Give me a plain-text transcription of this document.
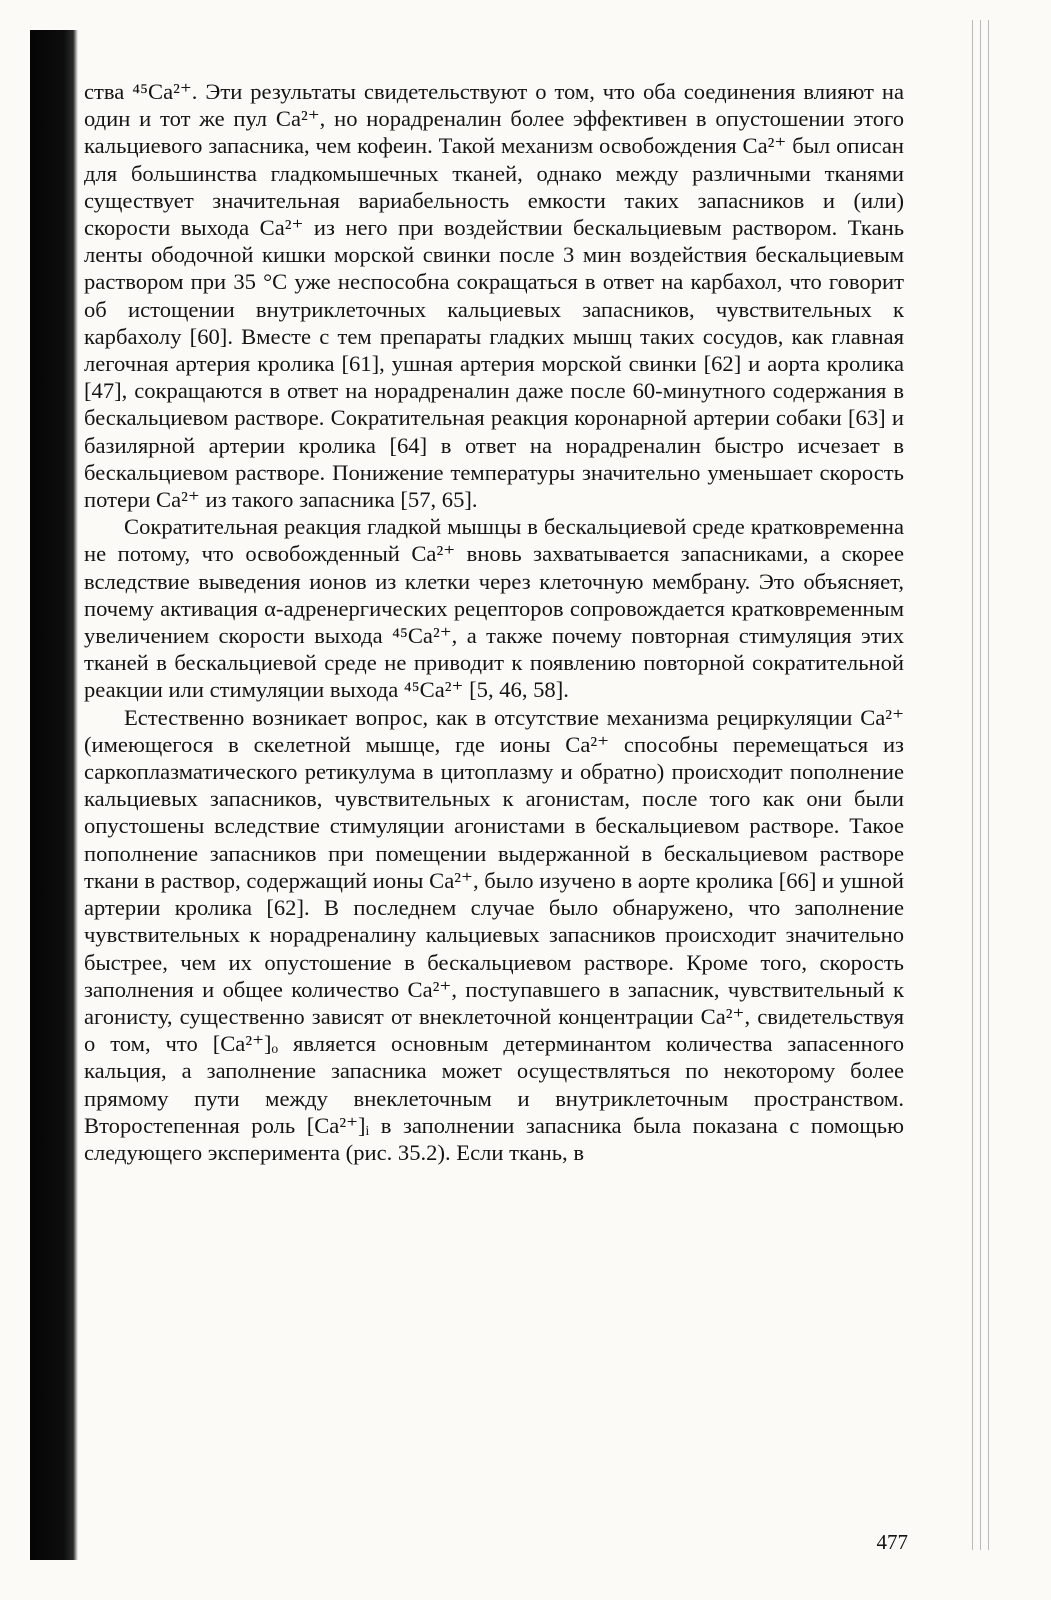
ства ⁴⁵Ca²⁺. Эти результаты свидетельствуют о том, что оба соединения влияют на один и тот же пул Ca²⁺, но норадреналин более эффективен в опустошении этого кальциевого запасника, чем кофеин. Такой механизм освобождения Ca²⁺ был описан для большинства гладкомышечных тканей, однако между различными тканями существует значительная вариабельность емкости таких запасников и (или) скорости выхода Ca²⁺ из него при воздействии бескальциевым раствором. Ткань ленты ободочной кишки морской свинки после 3 мин воздействия бескальциевым раствором при 35 °С уже неспособна сокращаться в ответ на карбахол, что говорит об истощении внутриклеточных кальциевых запасников, чувствительных к карбахолу [60]. Вместе с тем препараты гладких мышц таких сосудов, как главная легочная артерия кролика [61], ушная артерия морской свинки [62] и аорта кролика [47], сокращаются в ответ на норадреналин даже после 60-минутного содержания в бескальциевом растворе. Сократительная реакция коронарной артерии собаки [63] и базилярной артерии кролика [64] в ответ на норадреналин быстро исчезает в бескальциевом растворе. Понижение температуры значительно уменьшает скорость потери Ca²⁺ из такого запасника [57, 65].

Сократительная реакция гладкой мышцы в бескальциевой среде кратковременна не потому, что освобожденный Ca²⁺ вновь захватывается запасниками, а скорее вследствие выведения ионов из клетки через клеточную мембрану. Это объясняет, почему активация α-адренергических рецепторов сопровождается кратковременным увеличением скорости выхода ⁴⁵Ca²⁺, а также почему повторная стимуляция этих тканей в бескальциевой среде не приводит к появлению повторной сократительной реакции или стимуляции выхода ⁴⁵Ca²⁺ [5, 46, 58].

Естественно возникает вопрос, как в отсутствие механизма рециркуляции Ca²⁺ (имеющегося в скелетной мышце, где ионы Ca²⁺ способны перемещаться из саркоплазматического ретикулума в цитоплазму и обратно) происходит пополнение кальциевых запасников, чувствительных к агонистам, после того как они были опустошены вследствие стимуляции агонистами в бескальциевом растворе. Такое пополнение запасников при помещении выдержанной в бескальциевом растворе ткани в раствор, содержащий ионы Ca²⁺, было изучено в аорте кролика [66] и ушной артерии кролика [62]. В последнем случае было обнаружено, что заполнение чувствительных к норадреналину кальциевых запасников происходит значительно быстрее, чем их опустошение в бескальциевом растворе. Кроме того, скорость заполнения и общее количество Ca²⁺, поступавшего в запасник, чувствительный к агонисту, существенно зависят от внеклеточной концентрации Ca²⁺, свидетельствуя о том, что [Ca²⁺]ₒ является основным детерминантом количества запасенного кальция, а заполнение запасника может осуществляться по некоторому более прямому пути между внеклеточным и внутриклеточным пространством. Второстепенная роль [Ca²⁺]ᵢ в заполнении запасника была показана с помощью следующего эксперимента (рис. 35.2). Если ткань, в

477
